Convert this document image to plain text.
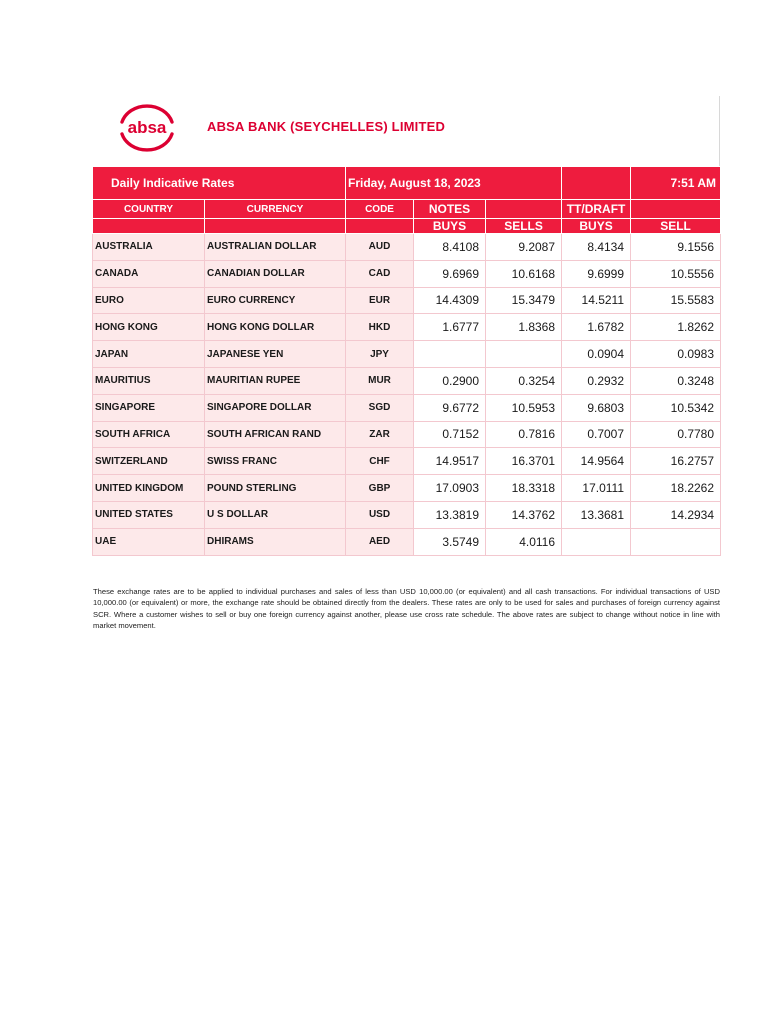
absa	ABSA BANK (SEYCHELLES) LIMITED
Daily Indicative Rates		Friday, August 18, 2023				7:51 AM
COUNTRY	CURRENCY	CODE	NOTES		TT/DRAFT	
			BUYS	SELLS	BUYS	SELL
AUSTRALIA	AUSTRALIAN DOLLAR	AUD	8.4108	9.2087	8.4134	9.1556
CANADA	CANADIAN DOLLAR	CAD	9.6969	10.6168	9.6999	10.5556
EURO	EURO CURRENCY	EUR	14.4309	15.3479	14.5211	15.5583
HONG KONG	HONG KONG DOLLAR	HKD	1.6777	1.8368	1.6782	1.8262
JAPAN	JAPANESE YEN	JPY			0.0904	0.0983
MAURITIUS	MAURITIAN RUPEE	MUR	0.2900	0.3254	0.2932	0.3248
SINGAPORE	SINGAPORE DOLLAR	SGD	9.6772	10.5953	9.6803	10.5342
SOUTH AFRICA	SOUTH AFRICAN RAND	ZAR	0.7152	0.7816	0.7007	0.7780
SWITZERLAND	SWISS FRANC	CHF	14.9517	16.3701	14.9564	16.2757
UNITED KINGDOM	POUND STERLING	GBP	17.0903	18.3318	17.0111	18.2262
UNITED STATES	U S DOLLAR	USD	13.3819	14.3762	13.3681	14.2934
UAE	DHIRAMS	AED	3.5749	4.0116		

These exchange rates are to be applied to individual purchases and sales of less than USD 10,000.00 (or equivalent) and all cash transactions. For individual transactions of USD 10,000.00 (or equivalent) or more, the exchange rate should be obtained directly from the dealers. These rates are only to be used for sales and purchases of foreign currency against SCR. Where a customer wishes to sell or buy one foreign currency against another, please use cross rate schedule. The above rates are subject to change without notice in line with market movement.
